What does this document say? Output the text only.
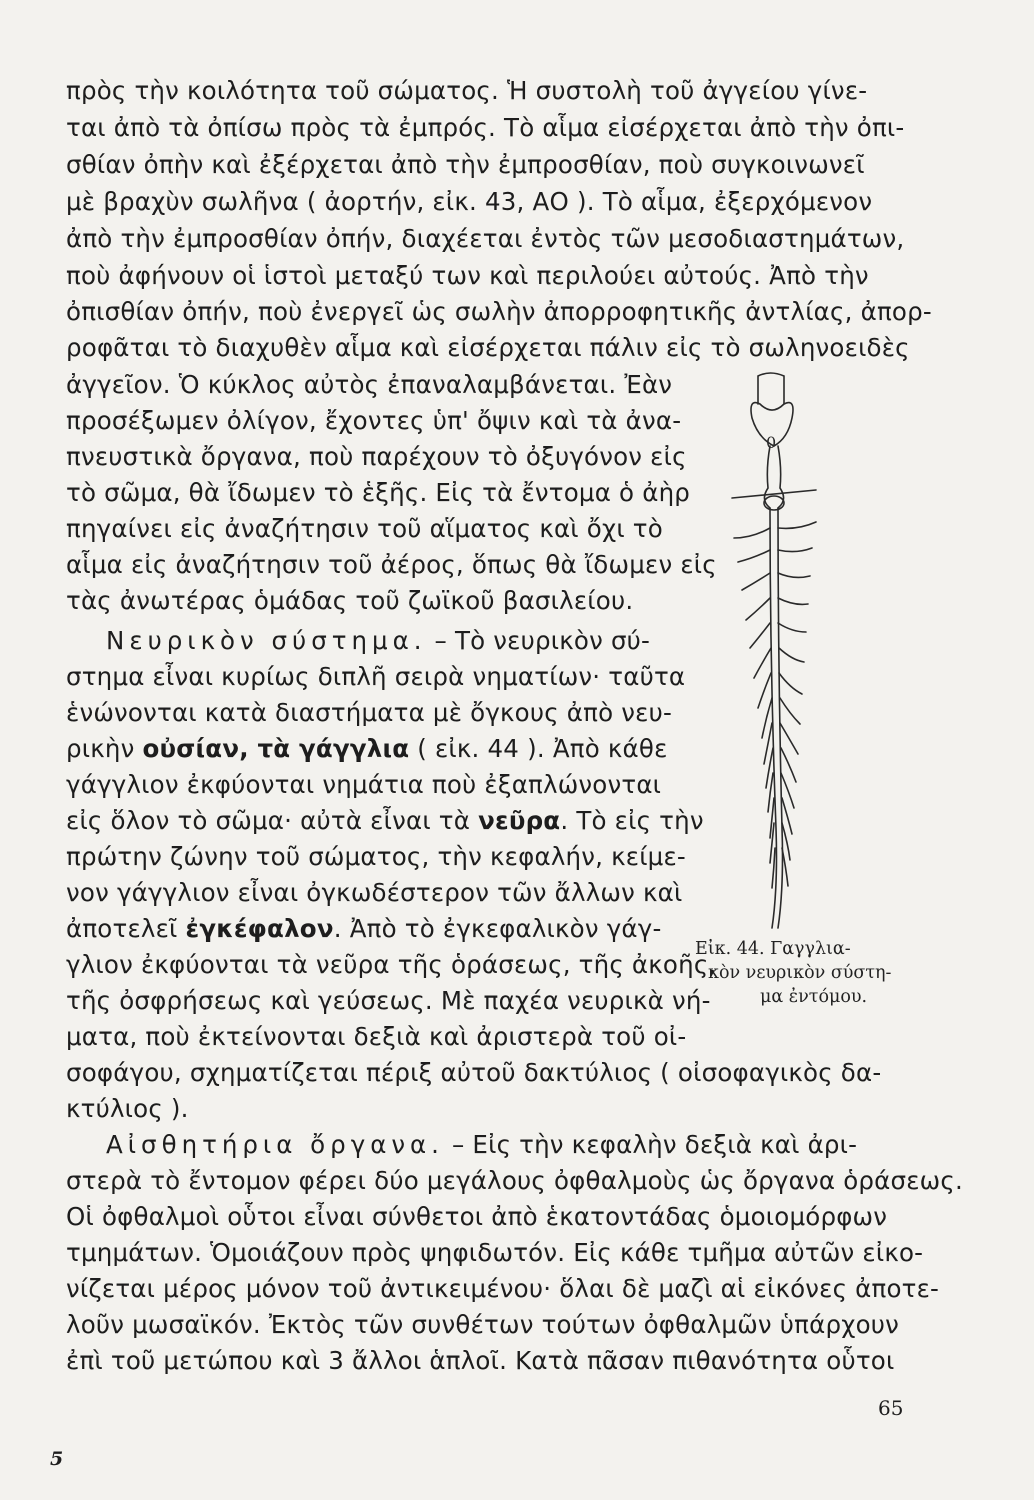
πρὸς τὴν κοιλότητα τοῦ σώματος. Ἡ συστολὴ τοῦ ἀγγείου γίνε-
ται ἀπὸ τὰ ὀπίσω πρὸς τὰ ἐμπρός. Τὸ αἷμα εἰσέρχεται ἀπὸ τὴν ὀπι-
σθίαν ὀπὴν καὶ ἐξέρχεται ἀπὸ τὴν ἐμπροσθίαν, ποὺ συγκοινωνεῖ
μὲ βραχὺν σωλῆνα ( ἀορτήν, εἰκ. 43, ΑΟ ). Τὸ αἷμα, ἐξερχόμενον
ἀπὸ τὴν ἐμπροσθίαν ὀπήν, διαχέεται ἐντὸς τῶν μεσοδιαστημάτων,
ποὺ ἀφήνουν οἱ ἱστοὶ μεταξύ των καὶ περιλούει αὐτούς. Ἀπὸ τὴν
ὀπισθίαν ὀπήν, ποὺ ἐνεργεῖ ὡς σωλὴν ἀπορροφητικῆς ἀντλίας, ἀπορ-
ροφᾶται τὸ διαχυθὲν αἷμα καὶ εἰσέρχεται πάλιν εἰς τὸ σωληνοειδὲς
ἀγγεῖον. Ὁ κύκλος αὐτὸς ἐπαναλαμβάνεται. Ἐὰν
προσέξωμεν ὀλίγον, ἔχοντες ὑπ' ὄψιν καὶ τὰ ἀνα-
πνευστικὰ ὄργανα, ποὺ παρέχουν τὸ ὀξυγόνον εἰς
τὸ σῶμα, θὰ ἴδωμεν τὸ ἑξῆς. Εἰς τὰ ἔντομα ὁ ἀὴρ
πηγαίνει εἰς ἀναζήτησιν τοῦ αἵματος καὶ ὄχι τὸ
αἷμα εἰς ἀναζήτησιν τοῦ ἀέρος, ὅπως θὰ ἴδωμεν εἰς
τὰς ἀνωτέρας ὁμάδας τοῦ ζωϊκοῦ βασιλείου.
Νευρικὸν σύστημα. – Τὸ νευρικὸν σύ-
στημα εἶναι κυρίως διπλῆ σειρὰ νηματίων· ταῦτα
ἑνώνονται κατὰ διαστήματα μὲ ὄγκους ἀπὸ νευ-
ρικὴν οὐσίαν, τὰ γάγγλια ( εἰκ. 44 ). Ἀπὸ κάθε
γάγγλιον ἐκφύονται νημάτια ποὺ ἐξαπλώνονται
εἰς ὅλον τὸ σῶμα· αὐτὰ εἶναι τὰ νεῦρα. Τὸ εἰς τὴν
πρώτην ζώνην τοῦ σώματος, τὴν κεφαλήν, κείμε-
νον γάγγλιον εἶναι ὀγκωδέστερον τῶν ἄλλων καὶ
ἀποτελεῖ ἐγκέφαλον. Ἀπὸ τὸ ἐγκεφαλικὸν γάγ-
γλιον ἐκφύονται τὰ νεῦρα τῆς ὁράσεως, τῆς ἀκοῆς,
τῆς ὀσφρήσεως καὶ γεύσεως. Μὲ παχέα νευρικὰ νή-
ματα, ποὺ ἐκτείνονται δεξιὰ καὶ ἀριστερὰ τοῦ οἰ-
σοφάγου, σχηματίζεται πέριξ αὐτοῦ δακτύλιος ( οἰσοφαγικὸς δα-
κτύλιος ).
Αἰσθητήρια ὄργανα. – Εἰς τὴν κεφαλὴν δεξιὰ καὶ ἀρι-
στερὰ τὸ ἔντομον φέρει δύο μεγάλους ὀφθαλμοὺς ὡς ὄργανα ὁράσεως.
Οἱ ὀφθαλμοὶ οὗτοι εἶναι σύνθετοι ἀπὸ ἑκατοντάδας ὁμοιομόρφων
τμημάτων. Ὁμοιάζουν πρὸς ψηφιδωτόν. Εἰς κάθε τμῆμα αὐτῶν εἰκο-
νίζεται μέρος μόνον τοῦ ἀντικειμένου· ὅλαι δὲ μαζὶ αἱ εἰκόνες ἀποτε-
λοῦν μωσαϊκόν. Ἐκτὸς τῶν συνθέτων τούτων ὀφθαλμῶν ὑπάρχουν
ἐπὶ τοῦ μετώπου καὶ 3 ἄλλοι ἁπλοῖ. Κατὰ πᾶσαν πιθανότητα οὗτοι
0
Εἰκ. 44. Γαγγλια-
κὸν νευρικὸν σύστη-
μα ἐντόμου.
65
5
